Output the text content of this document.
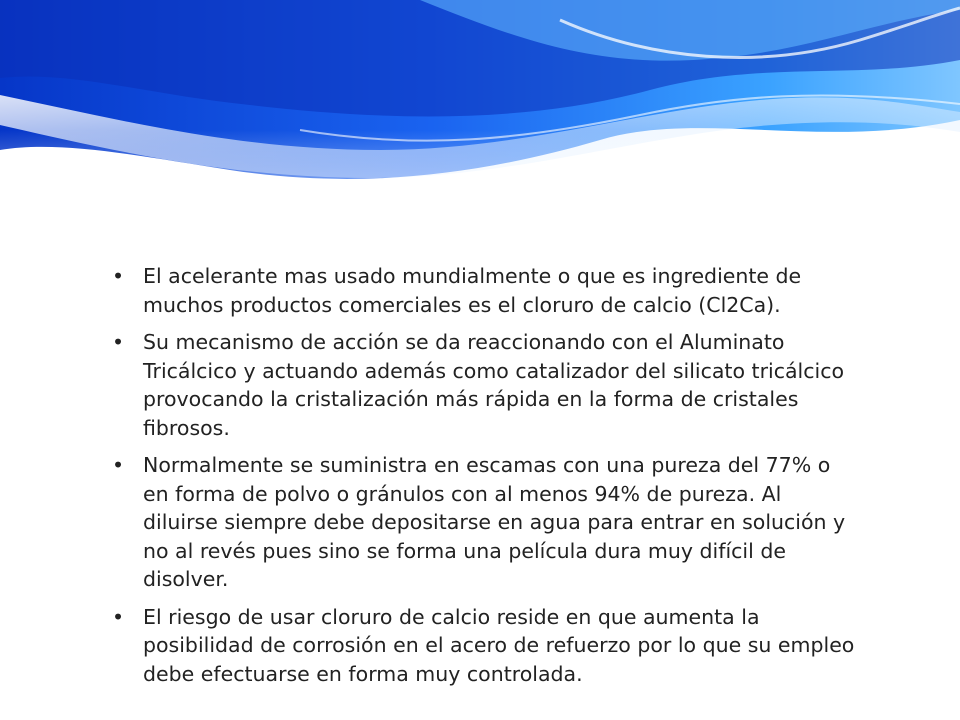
• El acelerante mas usado mundialmente o que es ingrediente de muchos productos comerciales es el cloruro de calcio (Cl2Ca).
• Su mecanismo de acción se da reaccionando con el Aluminato Tricálcico y actuando además como catalizador del silicato tricálcico provocando la cristalización más rápida en la forma de cristales fibrosos.
• Normalmente se suministra en escamas con una pureza del 77% o en forma de polvo o gránulos con al menos 94% de pureza. Al diluirse siempre debe depositarse en agua para entrar en solución y no al revés pues sino se forma una película dura muy difícil de disolver.
• El riesgo de usar cloruro de calcio reside en que aumenta la posibilidad de corrosión en el acero de refuerzo por lo que su empleo debe efectuarse en forma muy controlada.
